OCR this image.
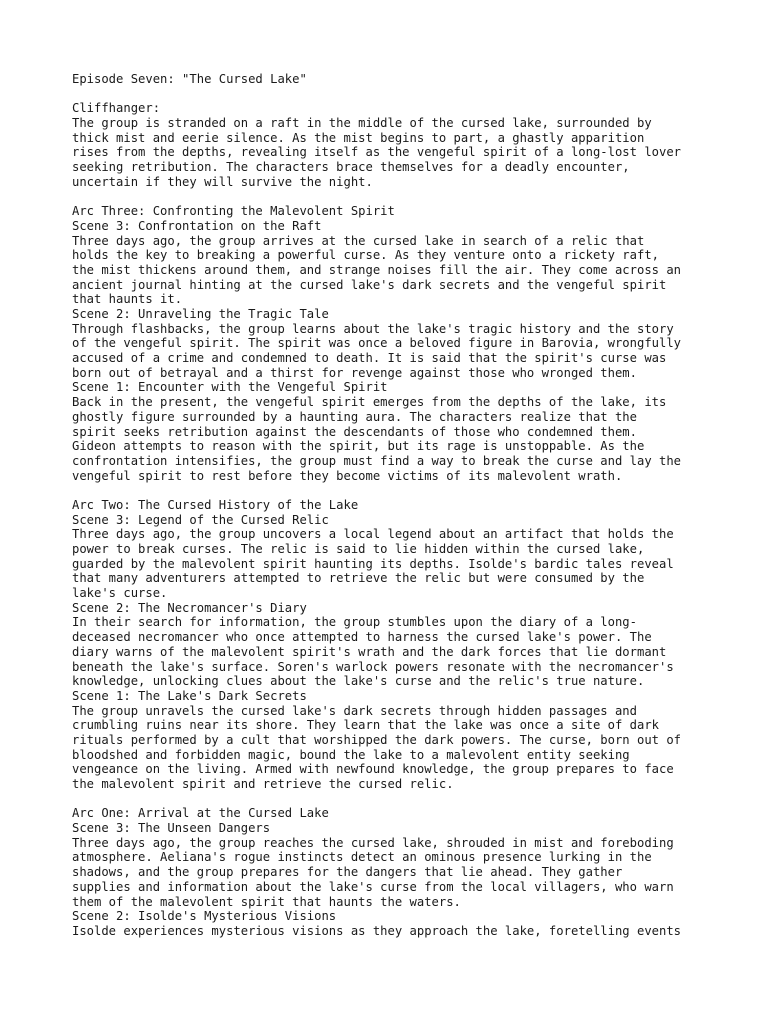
Episode Seven: "The Cursed Lake"
Cliffhanger:
The group is stranded on a raft in the middle of the cursed lake, surrounded by
thick mist and eerie silence. As the mist begins to part, a ghastly apparition
rises from the depths, revealing itself as the vengeful spirit of a long-lost lover
seeking retribution. The characters brace themselves for a deadly encounter,
uncertain if they will survive the night.
Arc Three: Confronting the Malevolent Spirit
Scene 3: Confrontation on the Raft
Three days ago, the group arrives at the cursed lake in search of a relic that
holds the key to breaking a powerful curse. As they venture onto a rickety raft,
the mist thickens around them, and strange noises fill the air. They come across an
ancient journal hinting at the cursed lake's dark secrets and the vengeful spirit
that haunts it.
Scene 2: Unraveling the Tragic Tale
Through flashbacks, the group learns about the lake's tragic history and the story
of the vengeful spirit. The spirit was once a beloved figure in Barovia, wrongfully
accused of a crime and condemned to death. It is said that the spirit's curse was
born out of betrayal and a thirst for revenge against those who wronged them.
Scene 1: Encounter with the Vengeful Spirit
Back in the present, the vengeful spirit emerges from the depths of the lake, its
ghostly figure surrounded by a haunting aura. The characters realize that the
spirit seeks retribution against the descendants of those who condemned them.
Gideon attempts to reason with the spirit, but its rage is unstoppable. As the
confrontation intensifies, the group must find a way to break the curse and lay the
vengeful spirit to rest before they become victims of its malevolent wrath.
Arc Two: The Cursed History of the Lake
Scene 3: Legend of the Cursed Relic
Three days ago, the group uncovers a local legend about an artifact that holds the
power to break curses. The relic is said to lie hidden within the cursed lake,
guarded by the malevolent spirit haunting its depths. Isolde's bardic tales reveal
that many adventurers attempted to retrieve the relic but were consumed by the
lake's curse.
Scene 2: The Necromancer's Diary
In their search for information, the group stumbles upon the diary of a long-
deceased necromancer who once attempted to harness the cursed lake's power. The
diary warns of the malevolent spirit's wrath and the dark forces that lie dormant
beneath the lake's surface. Soren's warlock powers resonate with the necromancer's
knowledge, unlocking clues about the lake's curse and the relic's true nature.
Scene 1: The Lake's Dark Secrets
The group unravels the cursed lake's dark secrets through hidden passages and
crumbling ruins near its shore. They learn that the lake was once a site of dark
rituals performed by a cult that worshipped the dark powers. The curse, born out of
bloodshed and forbidden magic, bound the lake to a malevolent entity seeking
vengeance on the living. Armed with newfound knowledge, the group prepares to face
the malevolent spirit and retrieve the cursed relic.
Arc One: Arrival at the Cursed Lake
Scene 3: The Unseen Dangers
Three days ago, the group reaches the cursed lake, shrouded in mist and foreboding
atmosphere. Aeliana's rogue instincts detect an ominous presence lurking in the
shadows, and the group prepares for the dangers that lie ahead. They gather
supplies and information about the lake's curse from the local villagers, who warn
them of the malevolent spirit that haunts the waters.
Scene 2: Isolde's Mysterious Visions
Isolde experiences mysterious visions as they approach the lake, foretelling events
